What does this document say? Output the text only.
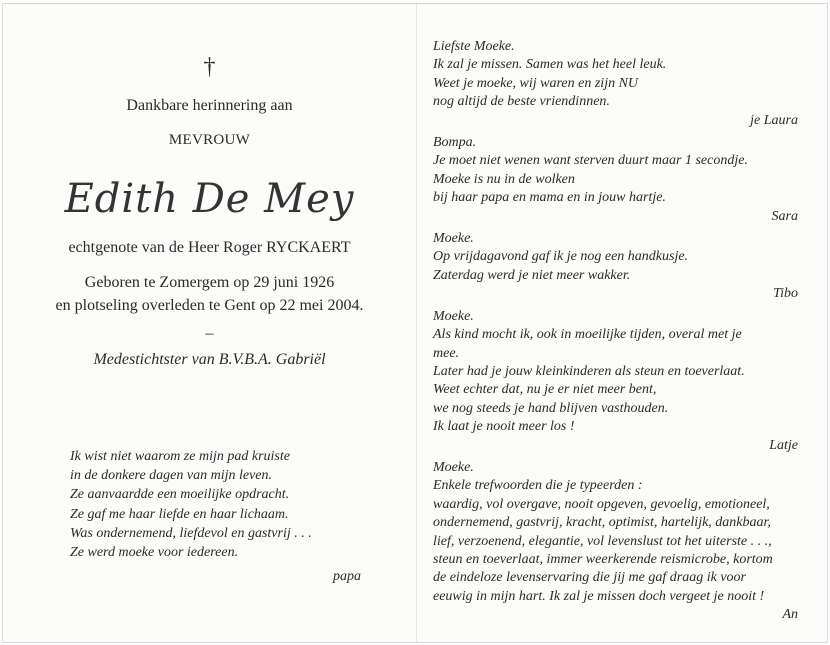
†
Dankbare herinnering aan
MEVROUW
Edith De Mey
echtgenote van de Heer Roger RYCKAERT
Geboren te Zomergem op 29 juni 1926
en plotseling overleden te Gent op 22 mei 2004.
–
Medestichtster van B.V.B.A. Gabriël
Ik wist niet waarom ze mijn pad kruiste
in de donkere dagen van mijn leven.
Ze aanvaardde een moeilijke opdracht.
Ze gaf me haar liefde en haar lichaam.
Was ondernemend, liefdevol en gastvrij . . .
Ze werd moeke voor iedereen.
papa
Liefste Moeke.
Ik zal je missen. Samen was het heel leuk.
Weet je moeke, wij waren en zijn NU
nog altijd de beste vriendinnen.
je Laura
Bompa.
Je moet niet wenen want sterven duurt maar 1 secondje.
Moeke is nu in de wolken
bij haar papa en mama en in jouw hartje.
Sara
Moeke.
Op vrijdagavond gaf ik je nog een handkusje.
Zaterdag werd je niet meer wakker.
Tibo
Moeke.
Als kind mocht ik, ook in moeilijke tijden, overal met je
mee.
Later had je jouw kleinkinderen als steun en toeverlaat.
Weet echter dat, nu je er niet meer bent,
we nog steeds je hand blijven vasthouden.
Ik laat je nooit meer los !
Latje
Moeke.
Enkele trefwoorden die je typeerden :
waardig, vol overgave, nooit opgeven, gevoelig, emotioneel,
ondernemend, gastvrij, kracht, optimist, hartelijk, dankbaar,
lief, verzoenend, elegantie, vol levenslust tot het uiterste . . .,
steun en toeverlaat, immer weerkerende reismicrobe, kortom
de eindeloze levenservaring die jij me gaf draag ik voor
eeuwig in mijn hart. Ik zal je missen doch vergeet je nooit !
An
